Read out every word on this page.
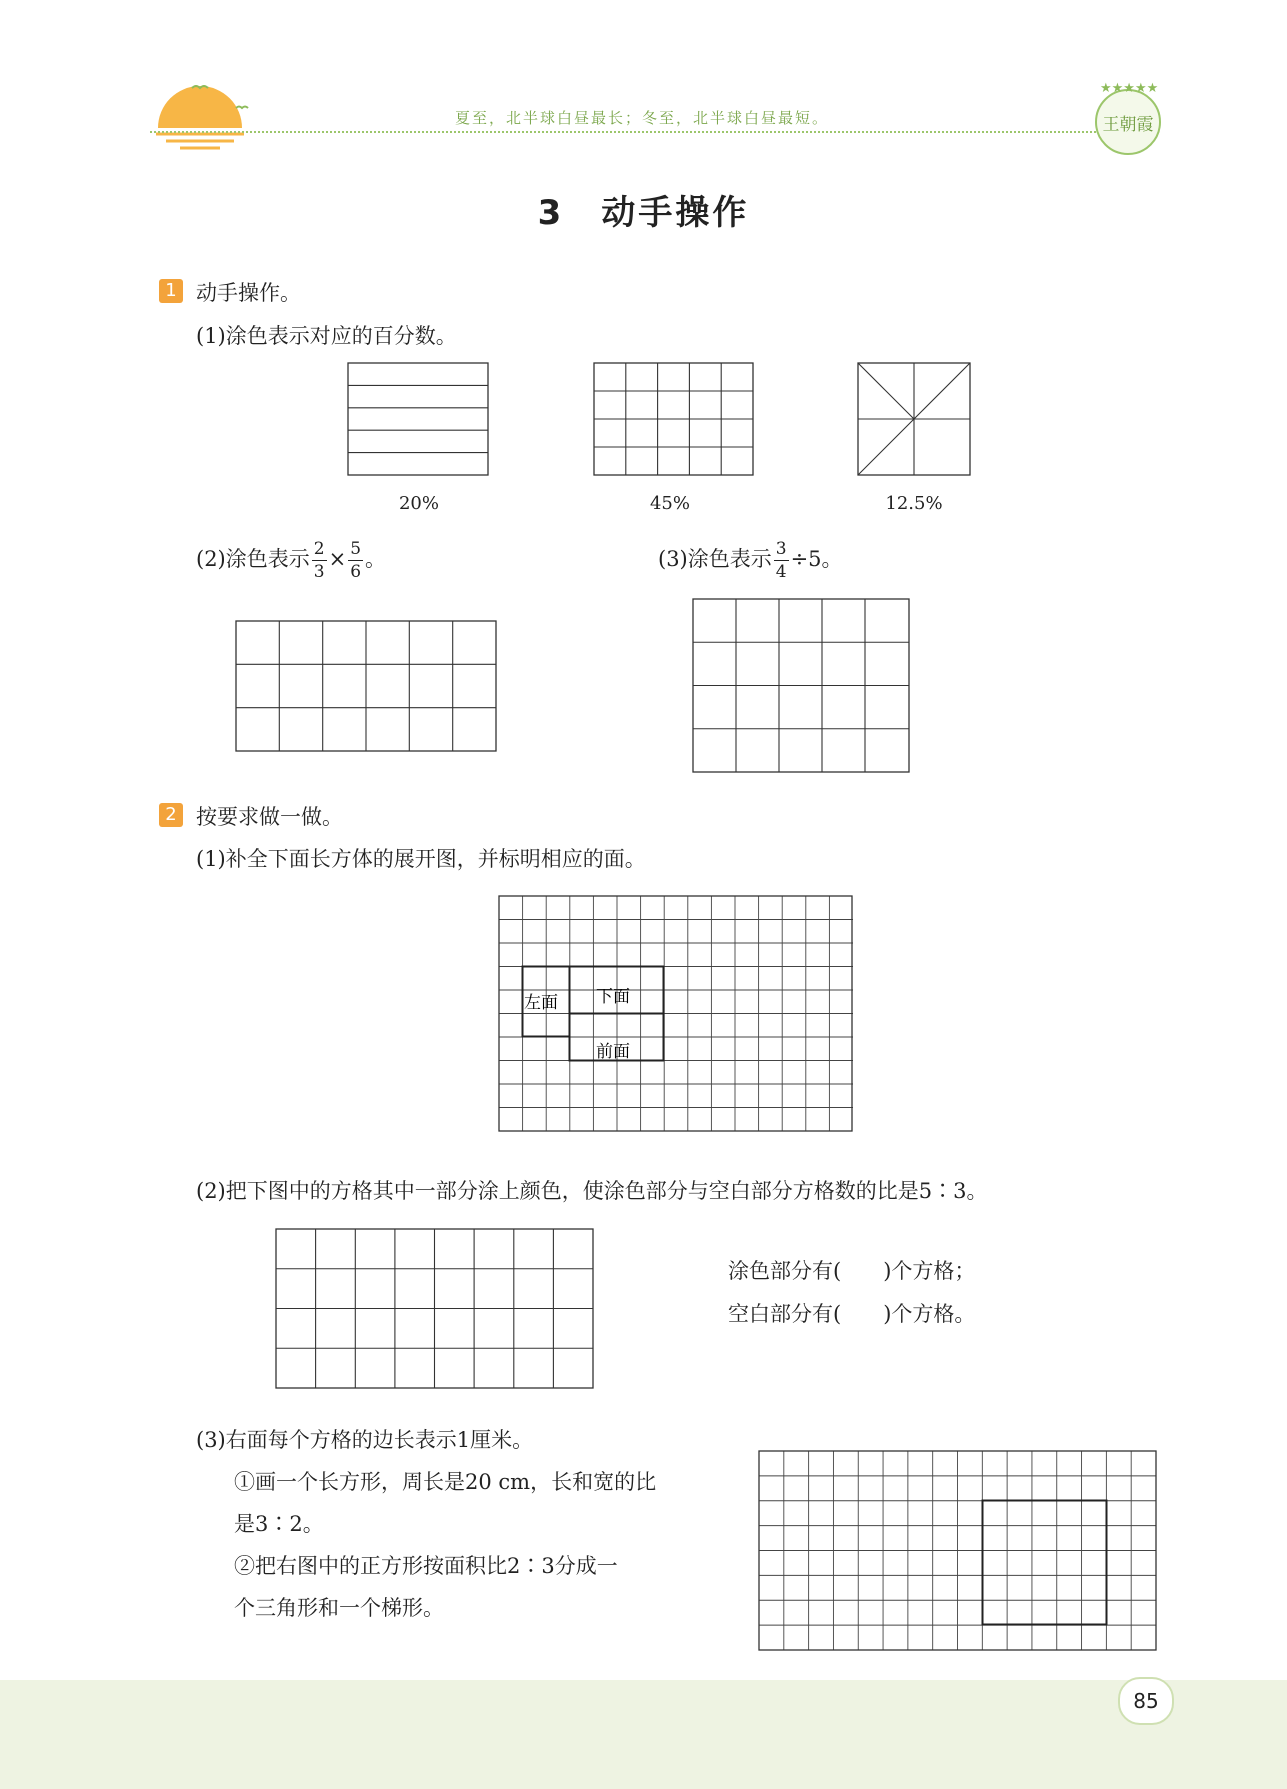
夏至，北半球白昼最长；冬至，北半球白昼最短。
★★★★★
王朝霞
3　动手操作
1 动手操作。
(1)涂色表示对应的百分数。
20%	45%	12.5%
(2)涂色表示 $\frac{2}{3} \times \frac{5}{6}$ 。	(3)涂色表示 $\frac{3}{4} \div 5$。
2 按要求做一做。
(1)补全下面长方体的展开图，并标明相应的面。
左面 下面
前面
(2)把下图中的方格其中一部分涂上颜色，使涂色部分与空白部分方格数的比是5∶3。
涂色部分有(　　)个方格；
空白部分有(　　)个方格。
(3)右面每个方格的边长表示1厘米。
①画一个长方形，周长是20 cm，长和宽的比
是3∶2。
②把右图中的正方形按面积比2∶3分成一
个三角形和一个梯形。
85
